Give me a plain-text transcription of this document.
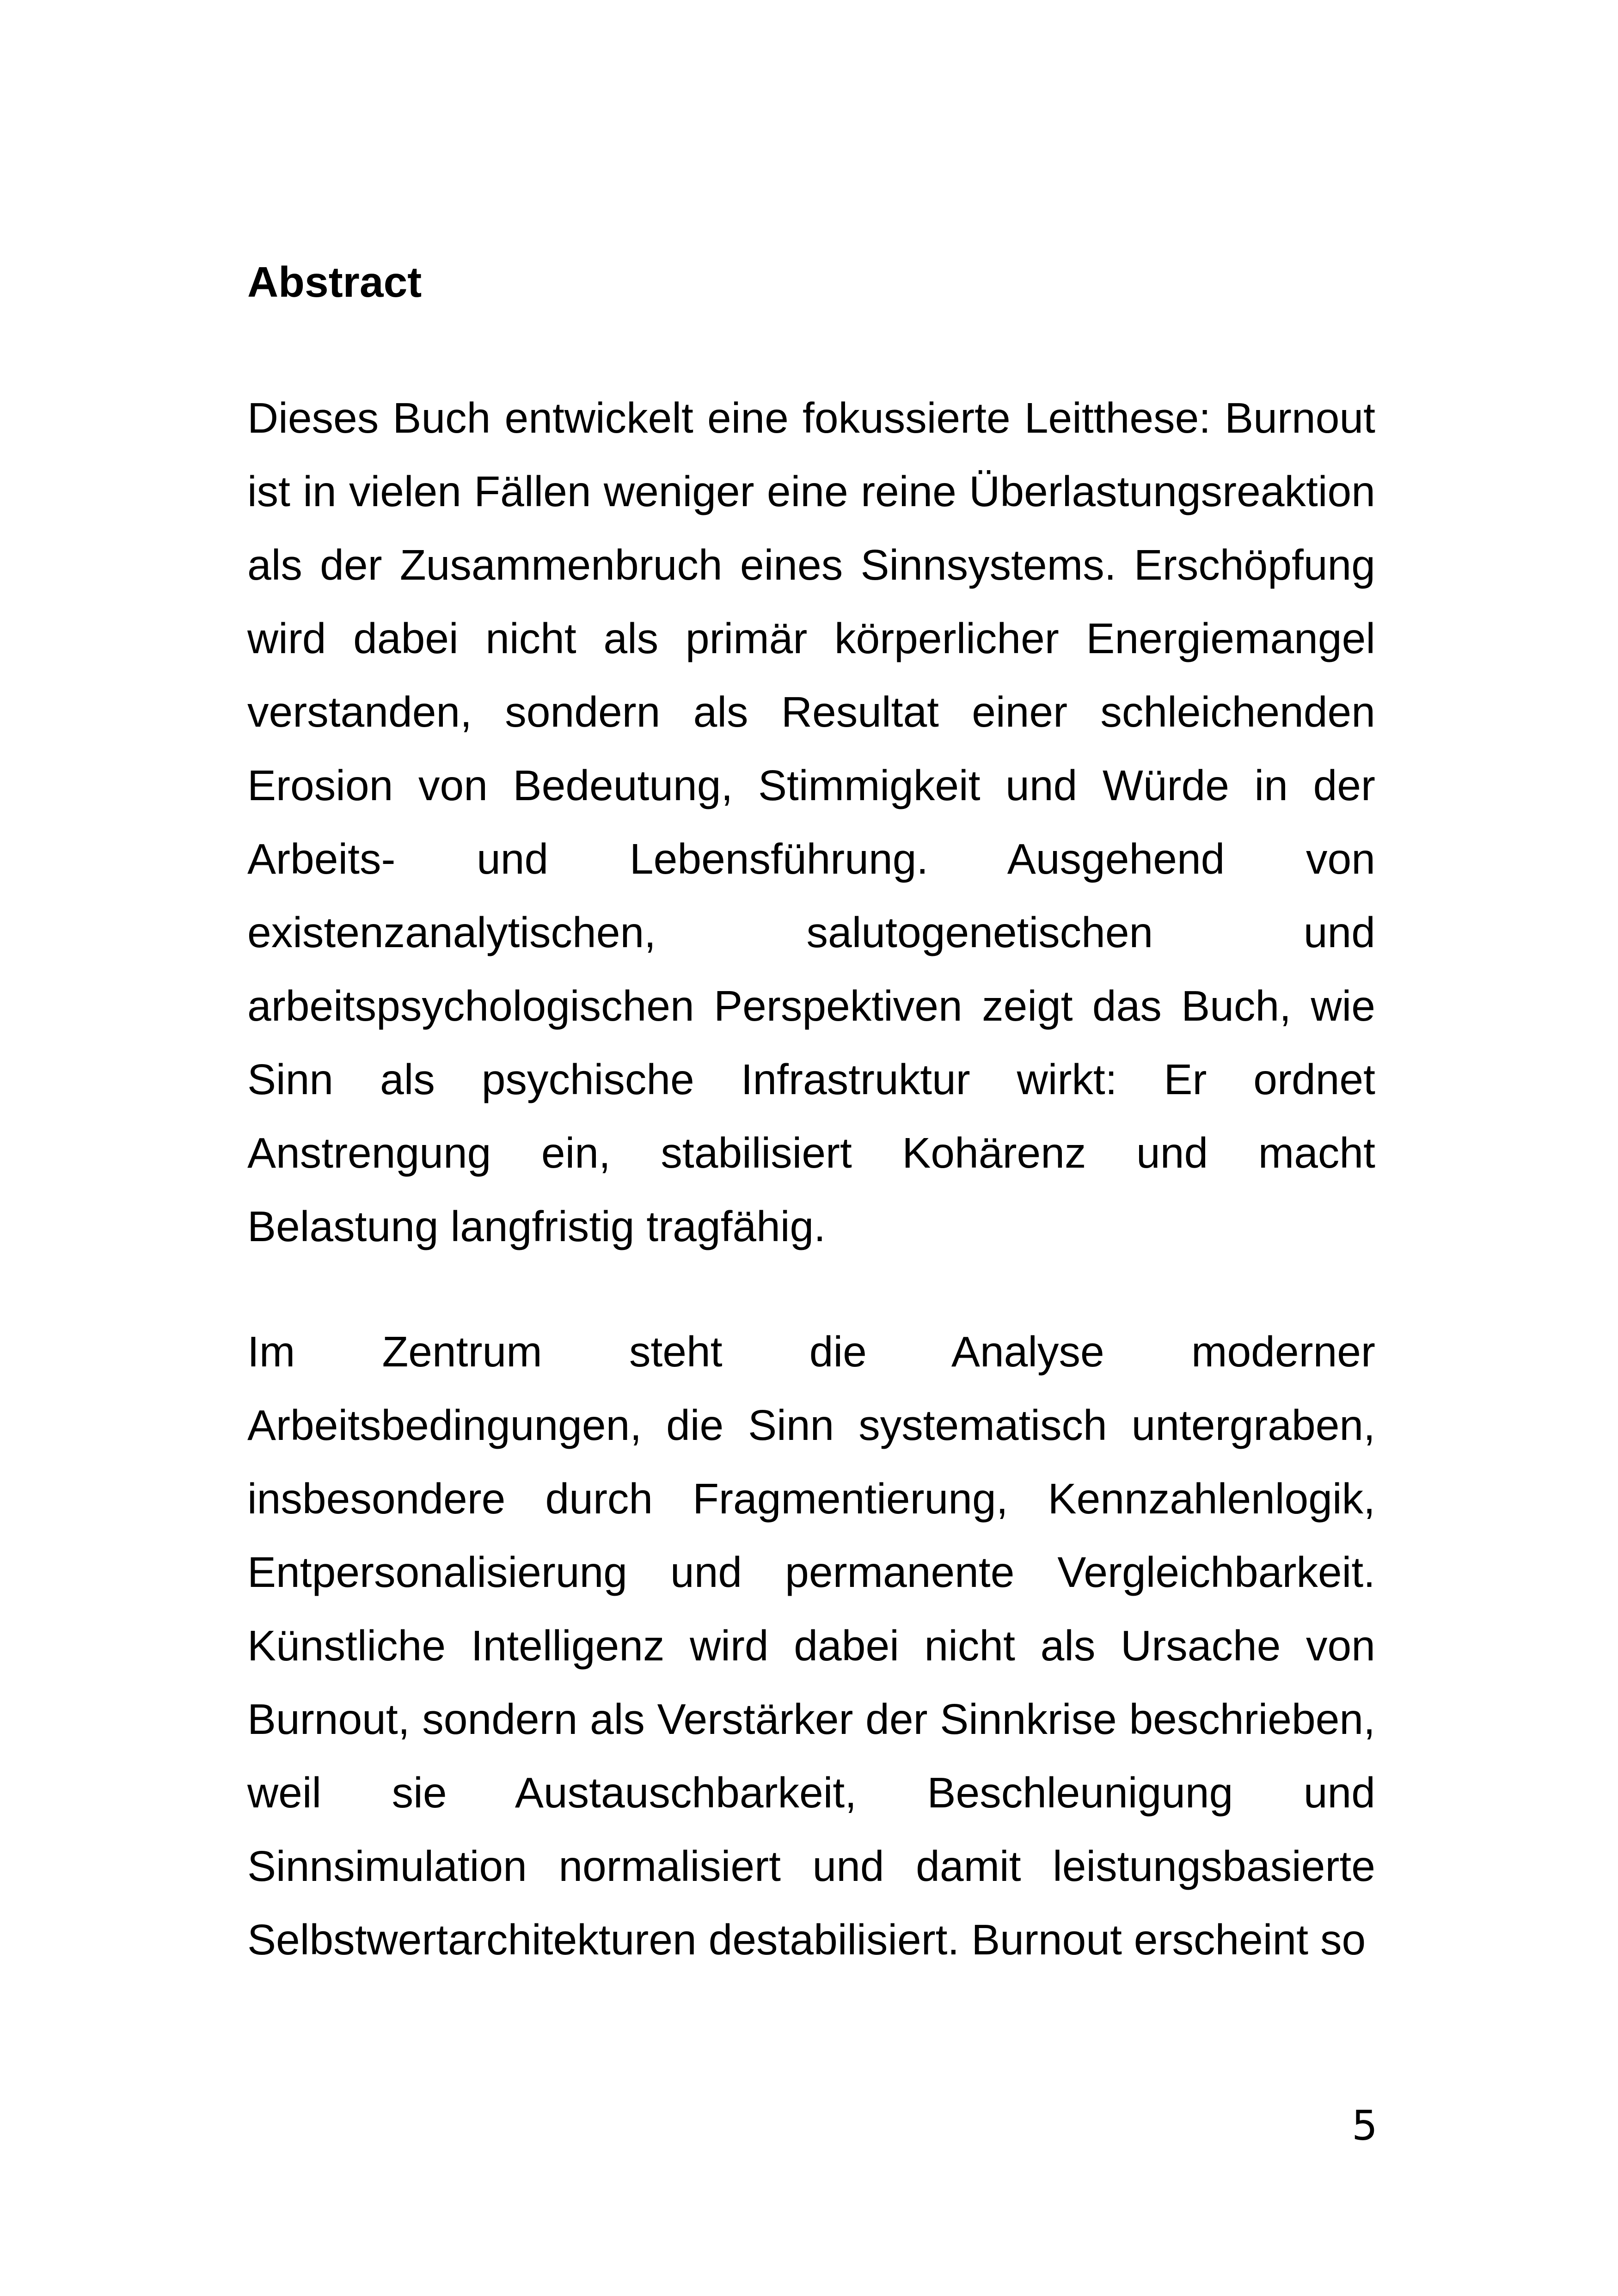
Abstract

Dieses Buch entwickelt eine fokussierte Leitthese: Burnout ist in vielen Fällen weniger eine reine Überlastungsreaktion als der Zusammenbruch eines Sinnsystems. Erschöpfung wird dabei nicht als primär körperlicher Energiemangel verstanden, sondern als Resultat einer schleichenden Erosion von Bedeutung, Stimmigkeit und Würde in der Arbeits- und Lebensführung. Ausgehend von existenzanalytischen, salutogenetischen und arbeitspsychologischen Perspektiven zeigt das Buch, wie Sinn als psychische Infrastruktur wirkt: Er ordnet Anstrengung ein, stabilisiert Kohärenz und macht Belastung langfristig tragfähig.

Im Zentrum steht die Analyse moderner Arbeitsbedingungen, die Sinn systematisch untergraben, insbesondere durch Fragmentierung, Kennzahlenlogik, Entpersonalisierung und permanente Vergleichbarkeit. Künstliche Intelligenz wird dabei nicht als Ursache von Burnout, sondern als Verstärker der Sinnkrise beschrieben, weil sie Austauschbarkeit, Beschleunigung und Sinnsimulation normalisiert und damit leistungsbasierte Selbstwertarchitekturen destabilisiert. Burnout erscheint so

5
